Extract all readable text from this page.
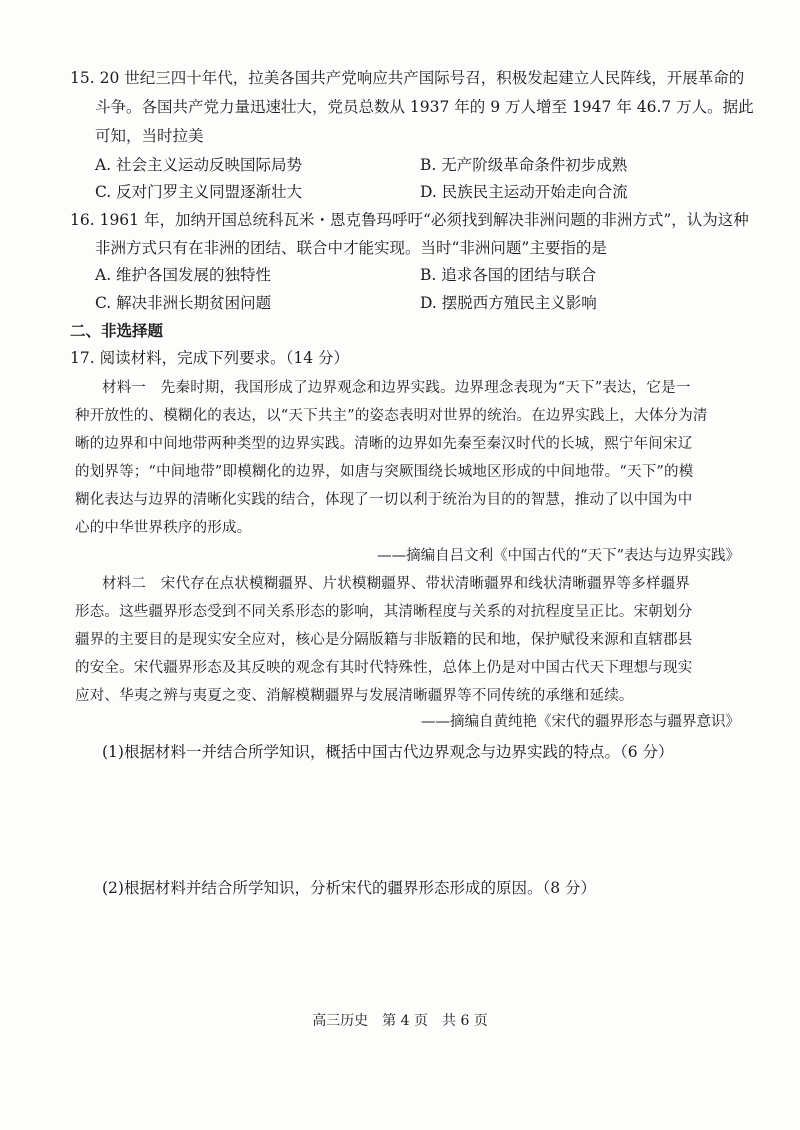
15. 20 世纪三四十年代，拉美各国共产党响应共产国际号召，积极发起建立人民阵线，开展革命的
斗争。各国共产党力量迅速壮大，党员总数从 1937 年的 9 万人增至 1947 年 46.7 万人。据此
可知，当时拉美
A. 社会主义运动反映国际局势	B. 无产阶级革命条件初步成熟
C. 反对门罗主义同盟逐渐壮大	D. 民族民主运动开始走向合流
16. 1961 年，加纳开国总统科瓦米・恩克鲁玛呼吁“必须找到解决非洲问题的非洲方式”，认为这种
非洲方式只有在非洲的团结、联合中才能实现。当时“非洲问题”主要指的是
A. 维护各国发展的独特性	B. 追求各国的团结与联合
C. 解决非洲长期贫困问题	D. 摆脱西方殖民主义影响
二、非选择题
17. 阅读材料，完成下列要求。（14 分）
材料一　先秦时期，我国形成了边界观念和边界实践。边界理念表现为“天下”表达，它是一
种开放性的、模糊化的表达，以“天下共主”的姿态表明对世界的统治。在边界实践上，大体分为清
晰的边界和中间地带两种类型的边界实践。清晰的边界如先秦至秦汉时代的长城，熙宁年间宋辽
的划界等；“中间地带”即模糊化的边界，如唐与突厥围绕长城地区形成的中间地带。“天下”的模
糊化表达与边界的清晰化实践的结合，体现了一切以利于统治为目的的智慧，推动了以中国为中
心的中华世界秩序的形成。
——摘编自吕文利《中国古代的“天下”表达与边界实践》
材料二　宋代存在点状模糊疆界、片状模糊疆界、带状清晰疆界和线状清晰疆界等多样疆界
形态。这些疆界形态受到不同关系形态的影响，其清晰程度与关系的对抗程度呈正比。宋朝划分
疆界的主要目的是现实安全应对，核心是分隔版籍与非版籍的民和地，保护赋役来源和直辖郡县
的安全。宋代疆界形态及其反映的观念有其时代特殊性，总体上仍是对中国古代天下理想与现实
应对、华夷之辨与夷夏之变、消解模糊疆界与发展清晰疆界等不同传统的承继和延续。
——摘编自黄纯艳《宋代的疆界形态与疆界意识》
(1)根据材料一并结合所学知识，概括中国古代边界观念与边界实践的特点。（6 分）
(2)根据材料并结合所学知识，分析宋代的疆界形态形成的原因。（8 分）
高三历史　第 4 页　共 6 页
